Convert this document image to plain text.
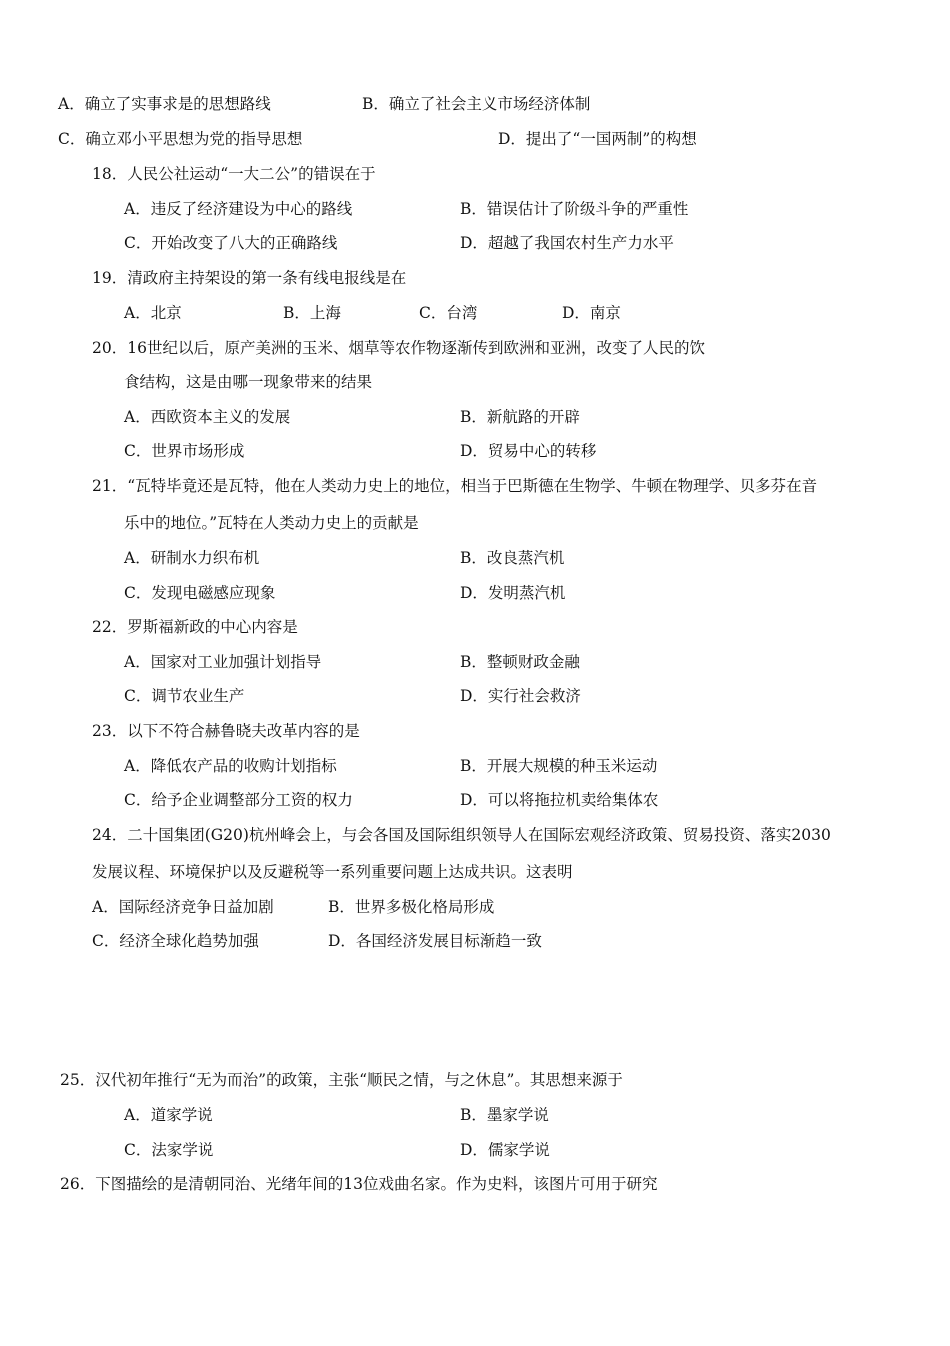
A．确立了实事求是的思想路线	B．确立了社会主义市场经济体制
C．确立邓小平思想为党的指导思想	D．提出了“一国两制”的构想
18．人民公社运动“一大二公”的错误在于
A．违反了经济建设为中心的路线	B．错误估计了阶级斗争的严重性
C．开始改变了八大的正确路线	D．超越了我国农村生产力水平
19．清政府主持架设的第一条有线电报线是在
A．北京	B．上海	C．台湾	D．南京
20．16世纪以后，原产美洲的玉米、烟草等农作物逐渐传到欧洲和亚洲，改变了人民的饮
食结构，这是由哪一现象带来的结果
A．西欧资本主义的发展	B．新航路的开辟
C．世界市场形成	D．贸易中心的转移
21．“瓦特毕竟还是瓦特，他在人类动力史上的地位，相当于巴斯德在生物学、牛顿在物理学、贝多芬在音
乐中的地位。”瓦特在人类动力史上的贡献是
A．研制水力织布机	B．改良蒸汽机
C．发现电磁感应现象	D．发明蒸汽机
22．罗斯福新政的中心内容是
A．国家对工业加强计划指导	B．整顿财政金融
C．调节农业生产	D．实行社会救济
23．以下不符合赫鲁晓夫改革内容的是
A．降低农产品的收购计划指标	B．开展大规模的种玉米运动
C．给予企业调整部分工资的权力	D．可以将拖拉机卖给集体农
24．二十国集团(G20)杭州峰会上，与会各国及国际组织领导人在国际宏观经济政策、贸易投资、落实2030
发展议程、环境保护以及反避税等一系列重要问题上达成共识。这表明
A．国际经济竞争日益加剧	B．世界多极化格局形成
C．经济全球化趋势加强	D．各国经济发展目标渐趋一致
25．汉代初年推行“无为而治”的政策，主张“顺民之情，与之休息”。其思想来源于
A．道家学说	B．墨家学说
C．法家学说	D．儒家学说
26．下图描绘的是清朝同治、光绪年间的13位戏曲名家。作为史料，该图片可用于研究
